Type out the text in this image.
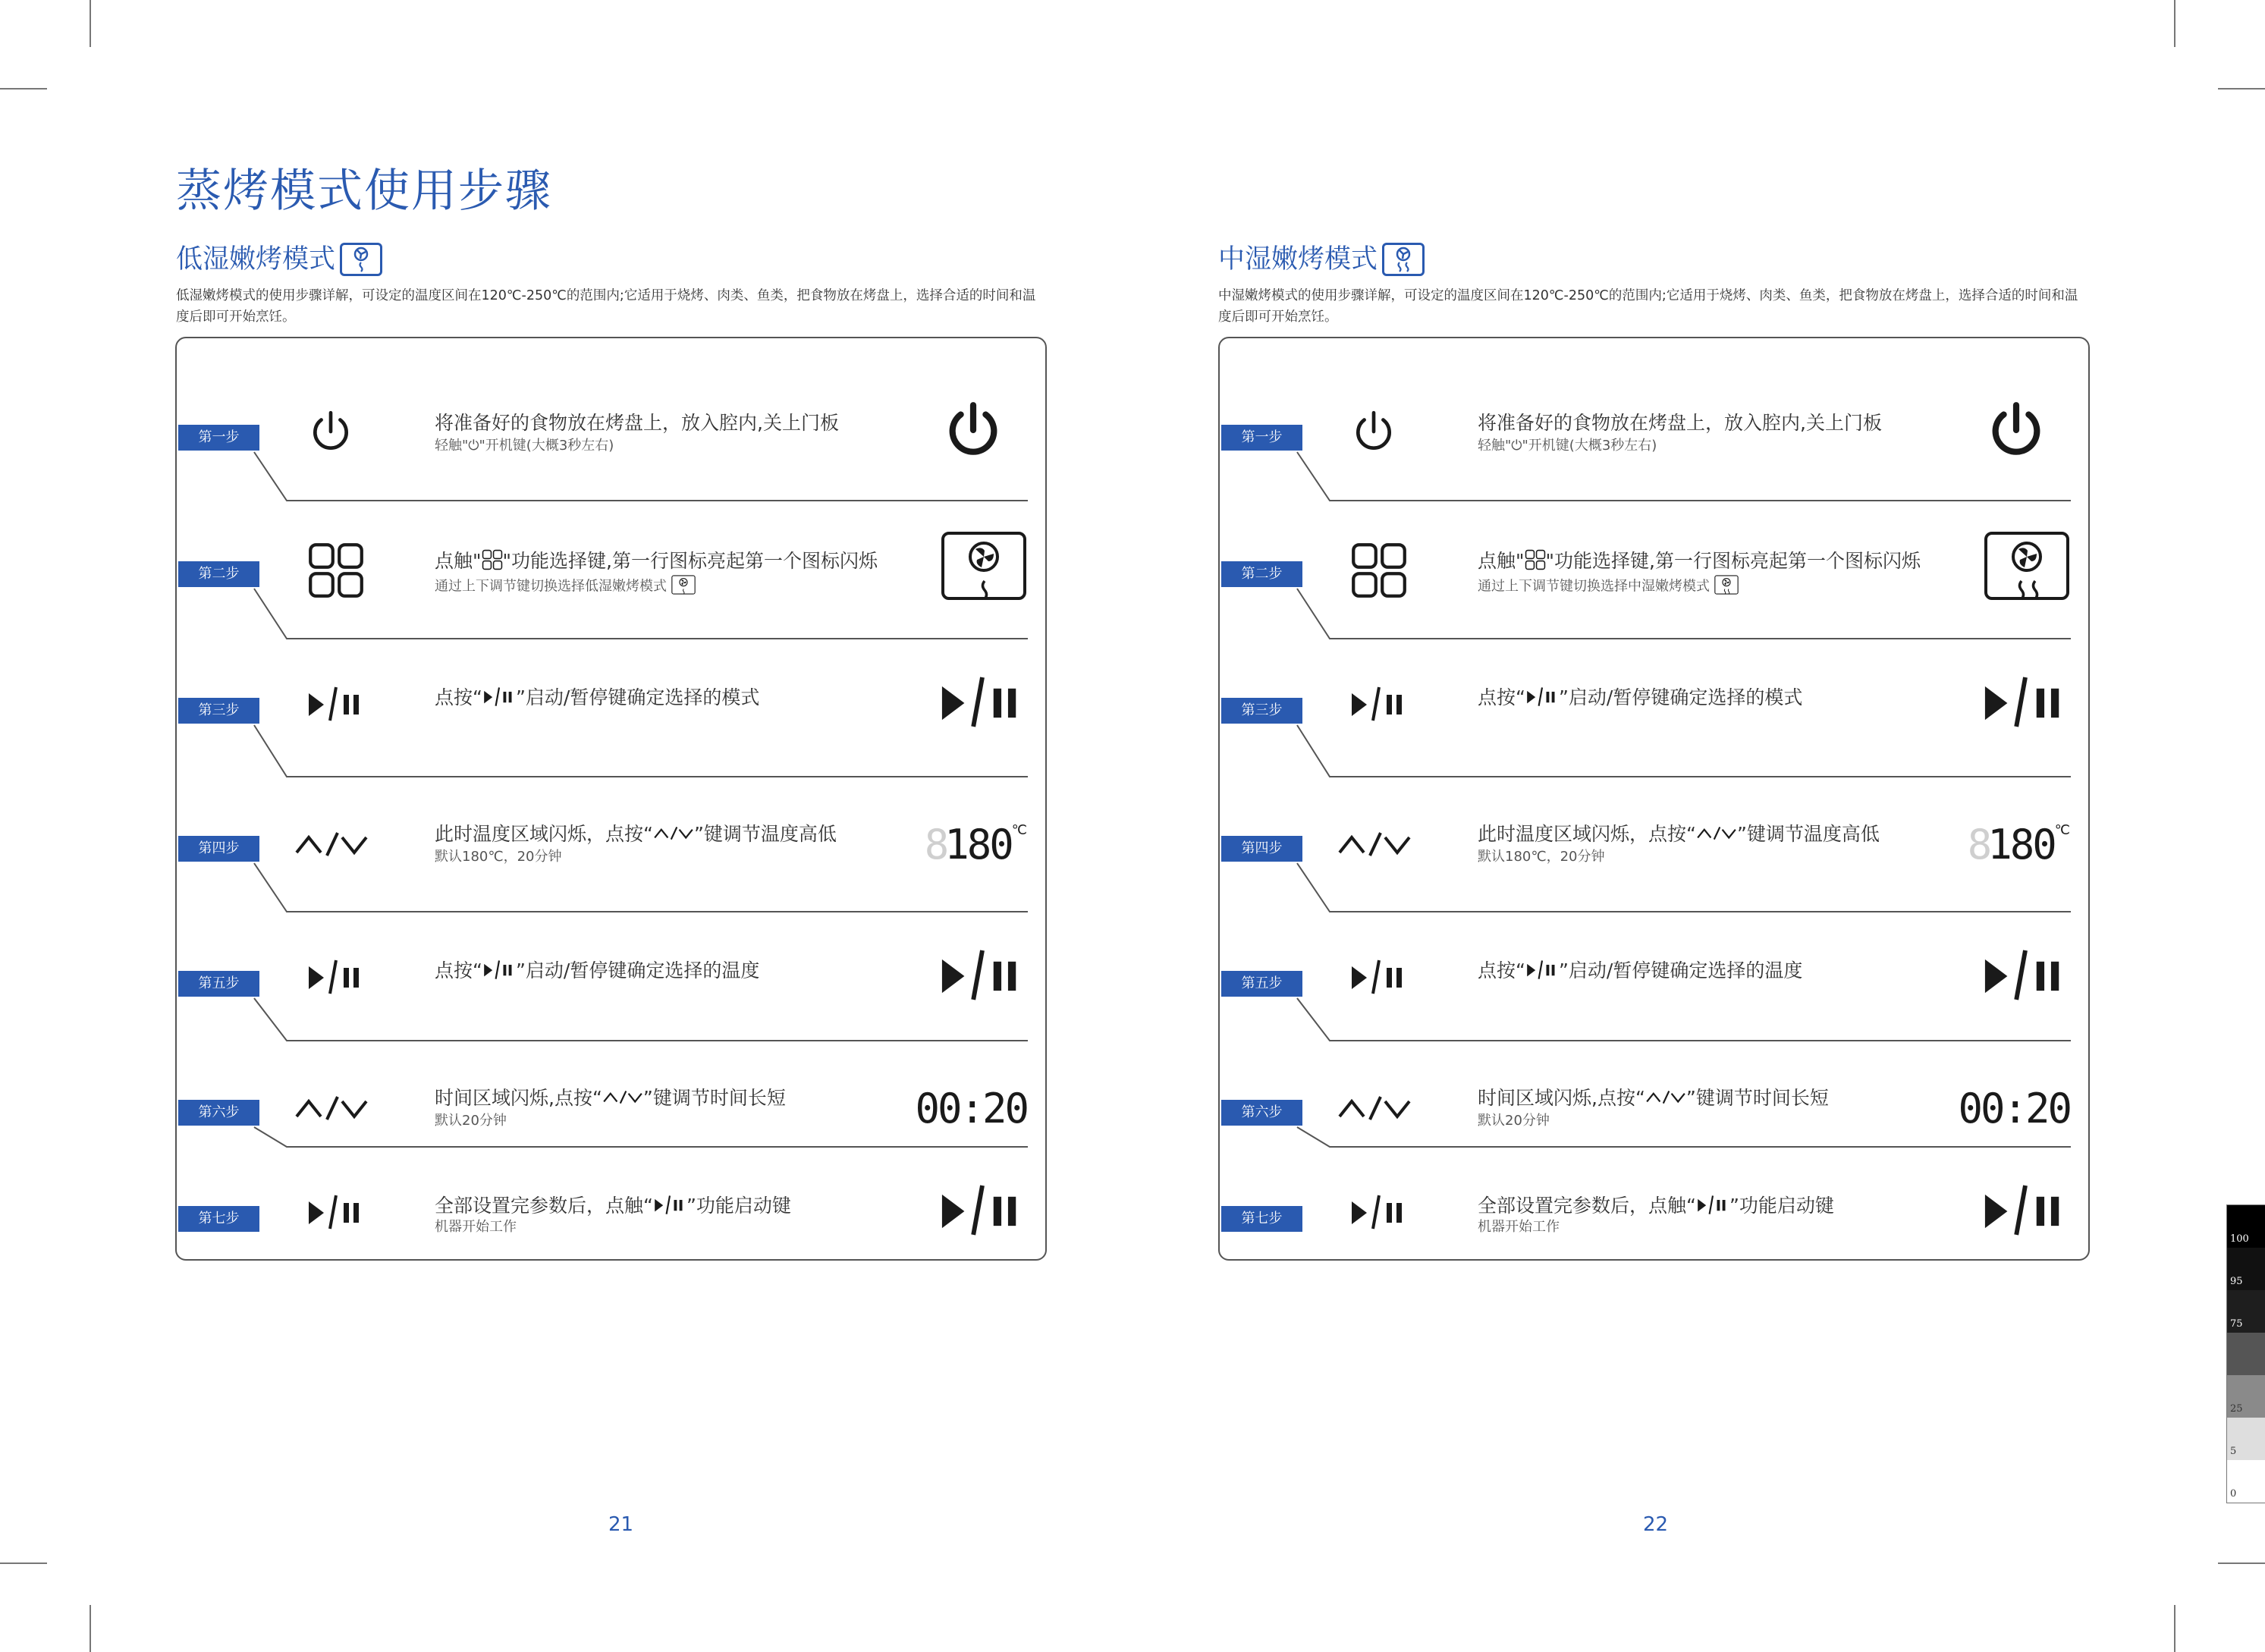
蒸烤模式使用步骤
低湿嫩烤模式
低湿嫩烤模式的使用步骤详解，可设定的温度区间在120℃-250℃的范围内;它适用于烧烤、肉类、鱼类，把食物放在烤盘上，选择合适的时间和温度后即可开始烹饪。
第一步
将准备好的食物放在烤盘上，放入腔内,关上门板
轻触"⏻"开机键(大概3秒左右)
第二步
点触" "功能选择键,第一行图标亮起第一个图标闪烁
通过上下调节键切换选择低湿嫩烤模式
第三步
点按“ ”启动/暂停键确定选择的模式
第四步
此时温度区域闪烁，点按“ ”键调节温度高低
默认180℃，20分钟	8180℃
第五步
点按“ ”启动/暂停键确定选择的温度
第六步
时间区域闪烁,点按“ ”键调节时间长短
默认20分钟	00:20
第七步
全部设置完参数后，点触“ ”功能启动键
机器开始工作
21
中湿嫩烤模式
中湿嫩烤模式的使用步骤详解，可设定的温度区间在120℃-250℃的范围内;它适用于烧烤、肉类、鱼类，把食物放在烤盘上，选择合适的时间和温度后即可开始烹饪。
第一步
将准备好的食物放在烤盘上，放入腔内,关上门板
轻触"⏻"开机键(大概3秒左右)
第二步
点触" "功能选择键,第一行图标亮起第一个图标闪烁
通过上下调节键切换选择中湿嫩烤模式
第三步
点按“ ”启动/暂停键确定选择的模式
第四步
此时温度区域闪烁，点按“ ”键调节温度高低
默认180℃，20分钟	8180℃
第五步
点按“ ”启动/暂停键确定选择的温度
第六步
时间区域闪烁,点按“ ”键调节时间长短
默认20分钟	00:20
第七步
全部设置完参数后，点触“ ”功能启动键
机器开始工作
22
100
95
75
25
5
0
